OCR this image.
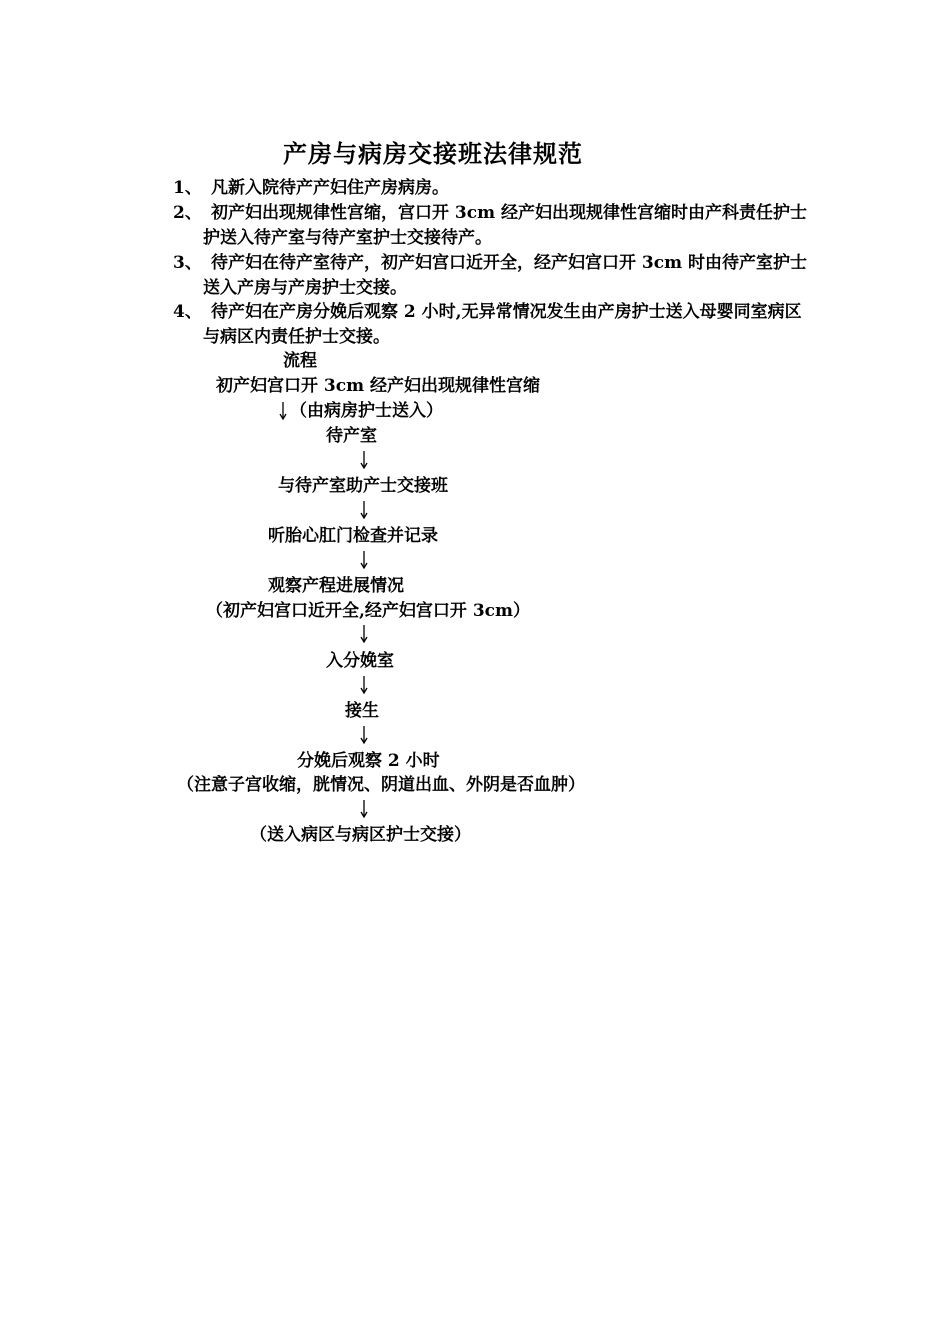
产房与病房交接班法律规范
1、 凡新入院待产产妇住产房病房。
2、 初产妇出现规律性宫缩，宫口开 3cm 经产妇出现规律性宫缩时由产科责任护士护送入待产室与待产室护士交接待产。
3、 待产妇在待产室待产，初产妇宫口近开全，经产妇宫口开 3cm 时由待产室护士送入产房与产房护士交接。
4、 待产妇在产房分娩后观察 2 小时,无异常情况发生由产房护士送入母婴同室病区与病区内责任护士交接。
流程
初产妇宫口开 3cm 经产妇出现规律性宫缩
（由病房护士送入）
待产室
与待产室助产士交接班
听胎心肛门检查并记录
观察产程进展情况
（初产妇宫口近开全,经产妇宫口开 3cm）
入分娩室
接生
分娩后观察 2 小时
（注意子宫收缩，胱情况、阴道出血、外阴是否血肿）
（送入病区与病区护士交接）
